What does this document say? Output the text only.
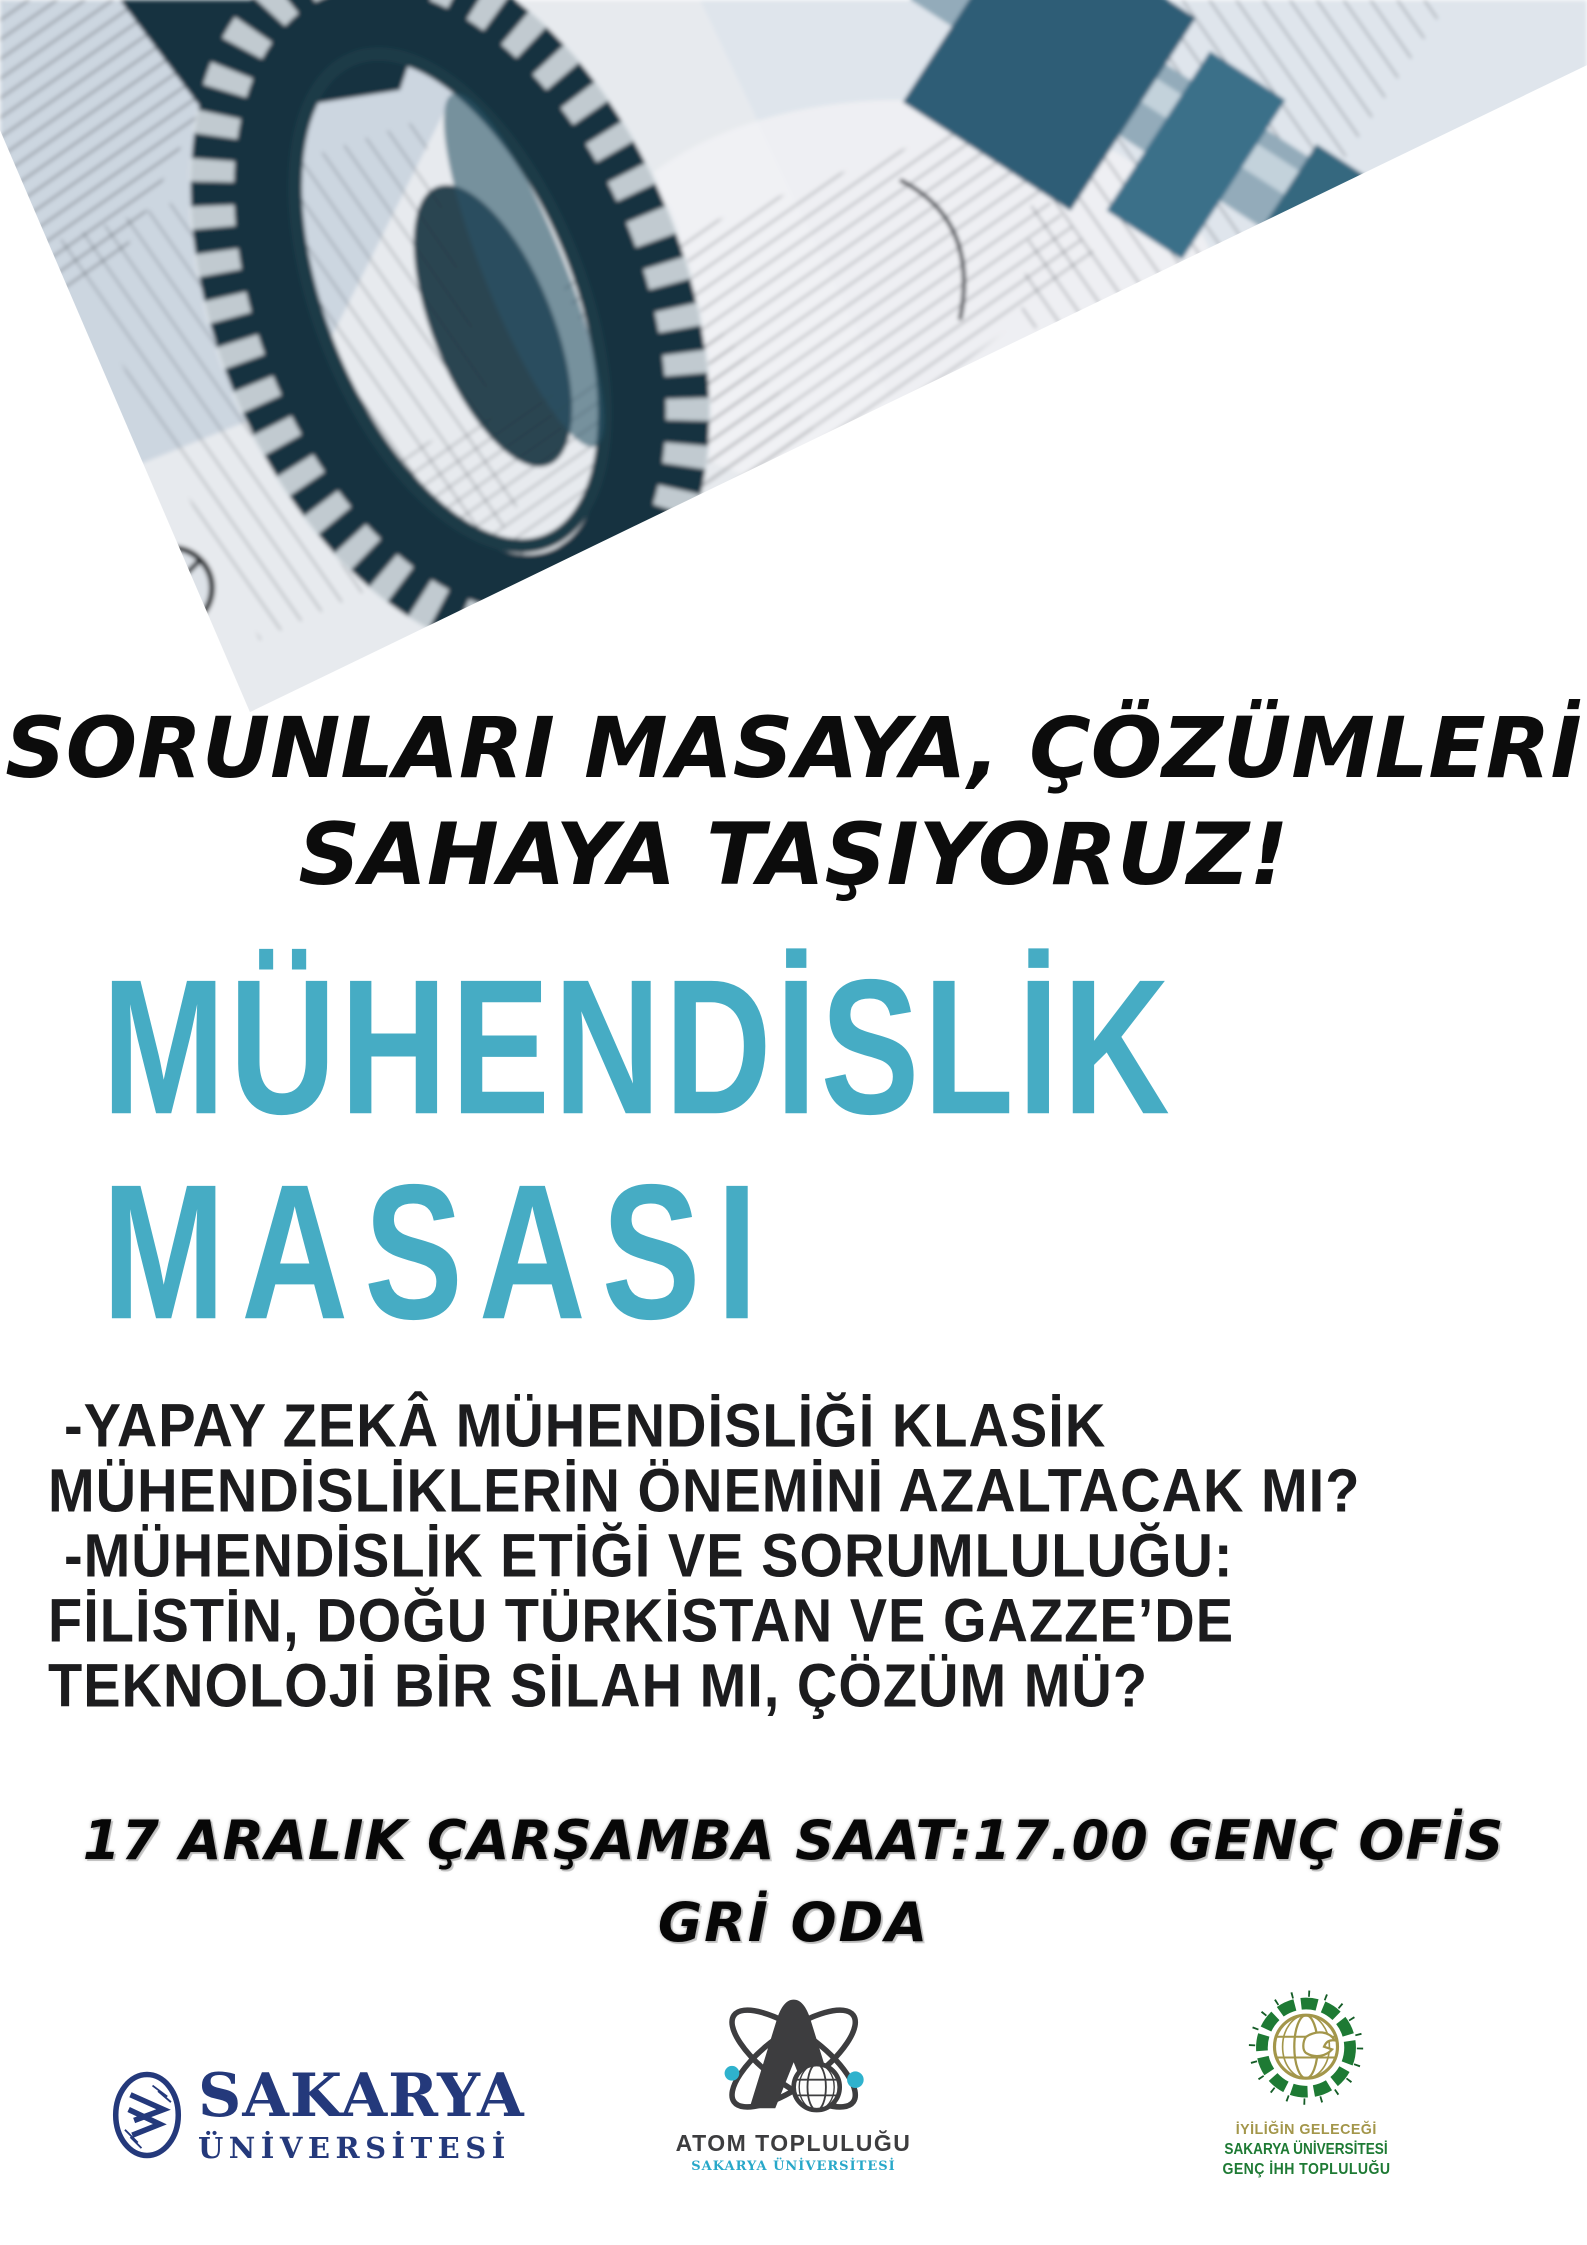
SORUNLARI MASAYA, ÇÖZÜMLERİ
SAHAYA TAŞIYORUZ!
MÜHENDİSLİK
MASASI
-YAPAY ZEKÂ MÜHENDİSLİĞİ KLASİK
MÜHENDİSLİKLERİN ÖNEMİNİ AZALTACAK MI?
-MÜHENDİSLİK ETİĞİ VE SORUMLULUĞU:
FİLİSTİN, DOĞU TÜRKİSTAN VE GAZZE’DE
TEKNOLOJİ BİR SİLAH MI, ÇÖZÜM MÜ?
17 ARALIK ÇARŞAMBA SAAT:17.00 GENÇ OFİS
GRİ ODA
SAKARYA
ÜNİVERSİTESİ	ATOM TOPLULUĞU
SAKARYA ÜNİVERSİTESİ
İYİLİĞİN GELECEĞİ
SAKARYA ÜNİVERSİTESİ
GENÇ İHH TOPLULUĞU
